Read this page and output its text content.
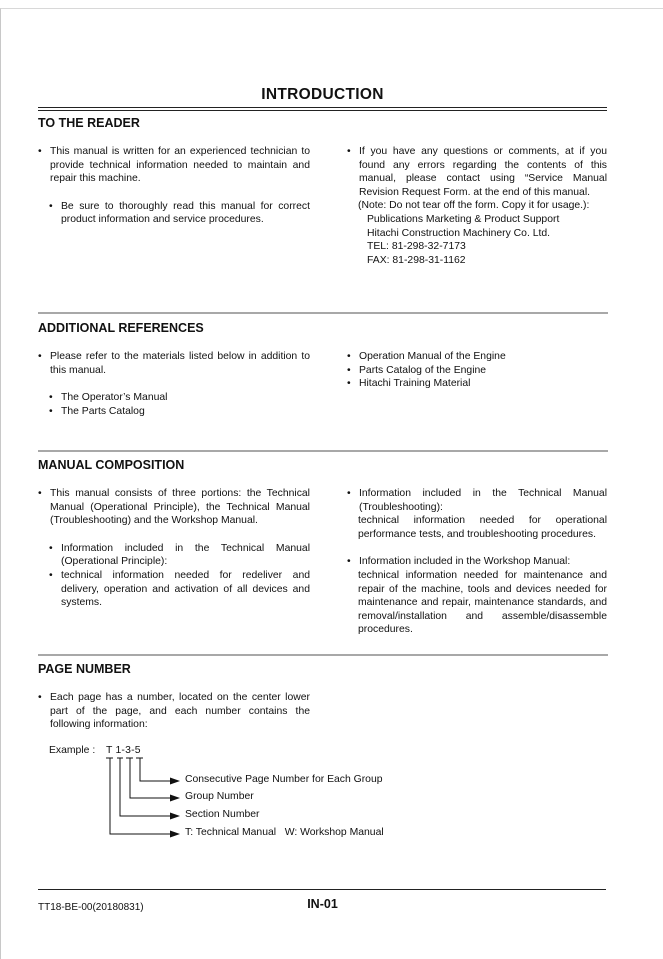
INTRODUCTION
TO THE READER

• This manual is written for an experienced technician to provide technical information needed to maintain and repair this machine.

• Be sure to thoroughly read this manual for correct product information and service procedures.

• If you have any questions or comments, at if you found any errors regarding the contents of this manual, please contact using “Service Manual Revision Request Form. at the end of this manual.

(Note: Do not tear off the form. Copy it for usage.):

Publications Marketing & Product Support

Hitachi Construction Machinery Co. Ltd.

TEL: 81-298-32-7173

FAX: 81-298-31-1162

ADDITIONAL REFERENCES

• Please refer to the materials listed below in addition to this manual.

• The Operator’s Manual

• The Parts Catalog

• Operation Manual of the Engine

• Parts Catalog of the Engine

• Hitachi Training Material

MANUAL COMPOSITION

• This manual consists of three portions: the Technical Manual (Operational Principle), the Technical Manual (Troubleshooting) and the Workshop Manual.

• Information included in the Technical Manual (Operational Principle):

• technical information needed for redeliver and delivery, operation and activation of all devices and systems.

• Information included in the Technical Manual (Troubleshooting):

technical information needed for operational performance tests, and troubleshooting procedures.

• Information included in the Workshop Manual:

technical information needed for maintenance and repair of the machine, tools and devices needed for maintenance and repair, maintenance standards, and removal/installation and assemble/disassemble procedures.

PAGE NUMBER

• Each page has a number, located on the center lower part of the page, and each number contains the following information:

Example : T 1-3-5
Consecutive Page Number for Each Group
Group Number
Section Number
T: Technical Manual   W: Workshop Manual
TT18-BE-00(20180831)	IN-01
